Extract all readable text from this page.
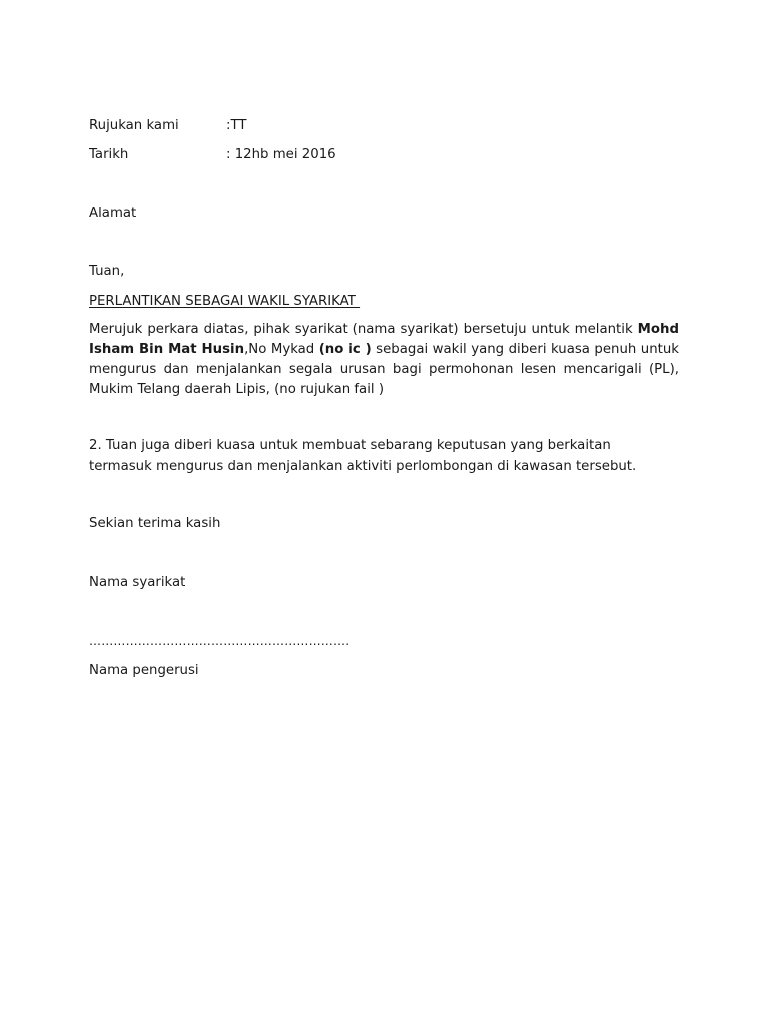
Rujukan kami	:TT
Tarikh	: 12hb mei 2016
Alamat
Tuan,
PERLANTIKAN SEBAGAI WAKIL SYARIKAT
Merujuk perkara diatas, pihak syarikat (nama syarikat) bersetuju untuk melantik Mohd Isham Bin Mat Husin,No Mykad (no ic ) sebagai wakil yang diberi kuasa penuh untuk mengurus dan menjalankan segala urusan bagi permohonan lesen mencarigali (PL), Mukim Telang daerah Lipis, (no rujukan fail )
2. Tuan juga diberi kuasa untuk membuat sebarang keputusan yang berkaitan
termasuk mengurus dan menjalankan aktiviti perlombongan di kawasan tersebut.
Sekian terima kasih
Nama syarikat
……………………………………………………….
Nama pengerusi
